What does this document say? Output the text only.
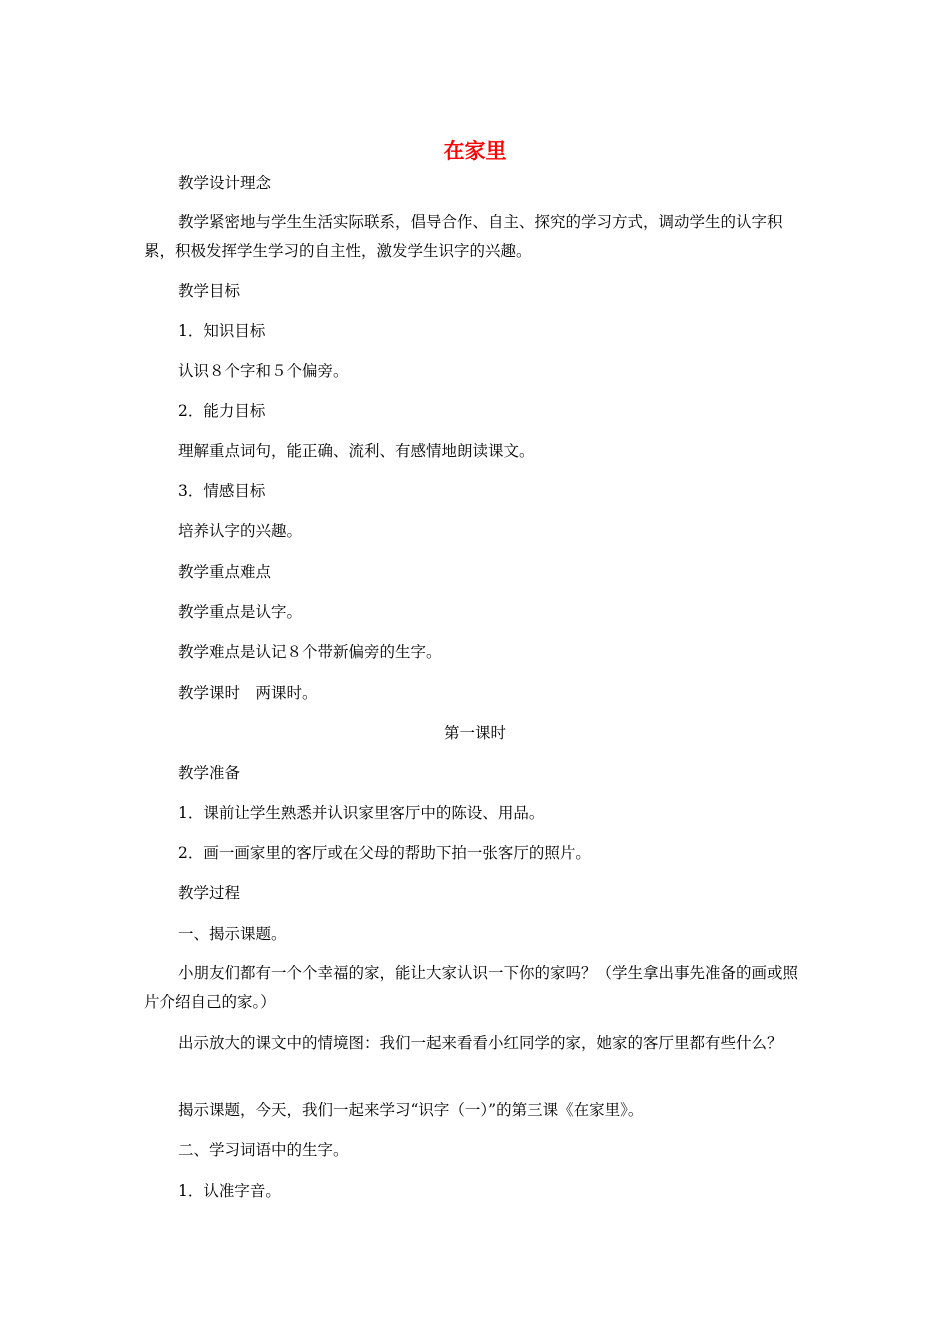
在家里
教学设计理念
教学紧密地与学生生活实际联系，倡导合作、自主、探究的学习方式，调动学生的认字积累，积极发挥学生学习的自主性，激发学生识字的兴趣。
教学目标
1．知识目标
认识８个字和５个偏旁。
2．能力目标
理解重点词句，能正确、流利、有感情地朗读课文。
3．情感目标
培养认字的兴趣。
教学重点难点
教学重点是认字。
教学难点是认记８个带新偏旁的生字。
教学课时　两课时。
第一课时
教学准备
1．课前让学生熟悉并认识家里客厅中的陈设、用品。
2．画一画家里的客厅或在父母的帮助下拍一张客厅的照片。
教学过程
一、揭示课题。
小朋友们都有一个个幸福的家，能让大家认识一下你的家吗？（学生拿出事先准备的画或照片介绍自己的家。）
出示放大的课文中的情境图：我们一起来看看小红同学的家，她家的客厅里都有些什么？
揭示课题，今天，我们一起来学习“识字（一）”的第三课《在家里》。
二、学习词语中的生字。
1．认准字音。
